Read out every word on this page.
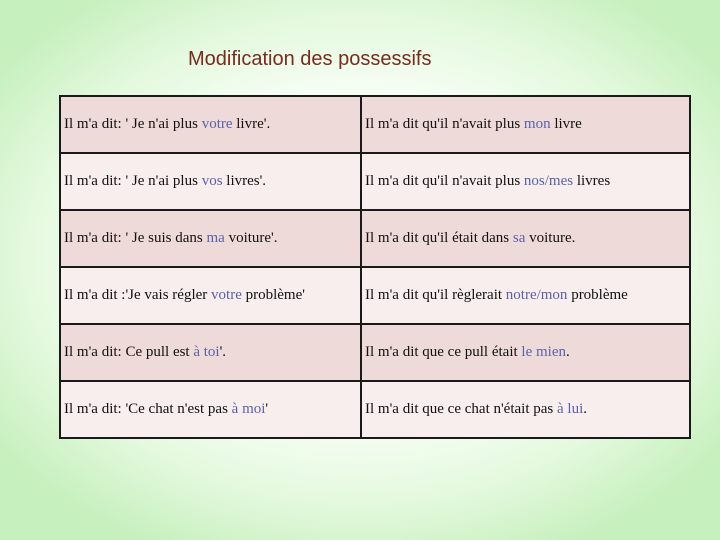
Modification des possessifs
Il m'a dit: ' Je n'ai plus votre livre'.	Il m'a dit qu'il n'avait plus mon livre
Il m'a dit: ' Je n'ai plus vos livres'.	Il m'a dit qu'il n'avait plus nos/mes livres
Il m'a dit: ' Je suis dans ma voiture'.	Il m'a dit qu'il était dans sa voiture.
Il m'a dit :'Je vais régler votre problème'	Il m'a dit qu'il règlerait notre/mon problème
Il m'a dit: Ce pull est à toi'.	Il m'a dit que ce pull était le mien.
Il m'a dit: 'Ce chat n'est pas à moi'	Il m'a dit que ce chat n'était pas à lui.
